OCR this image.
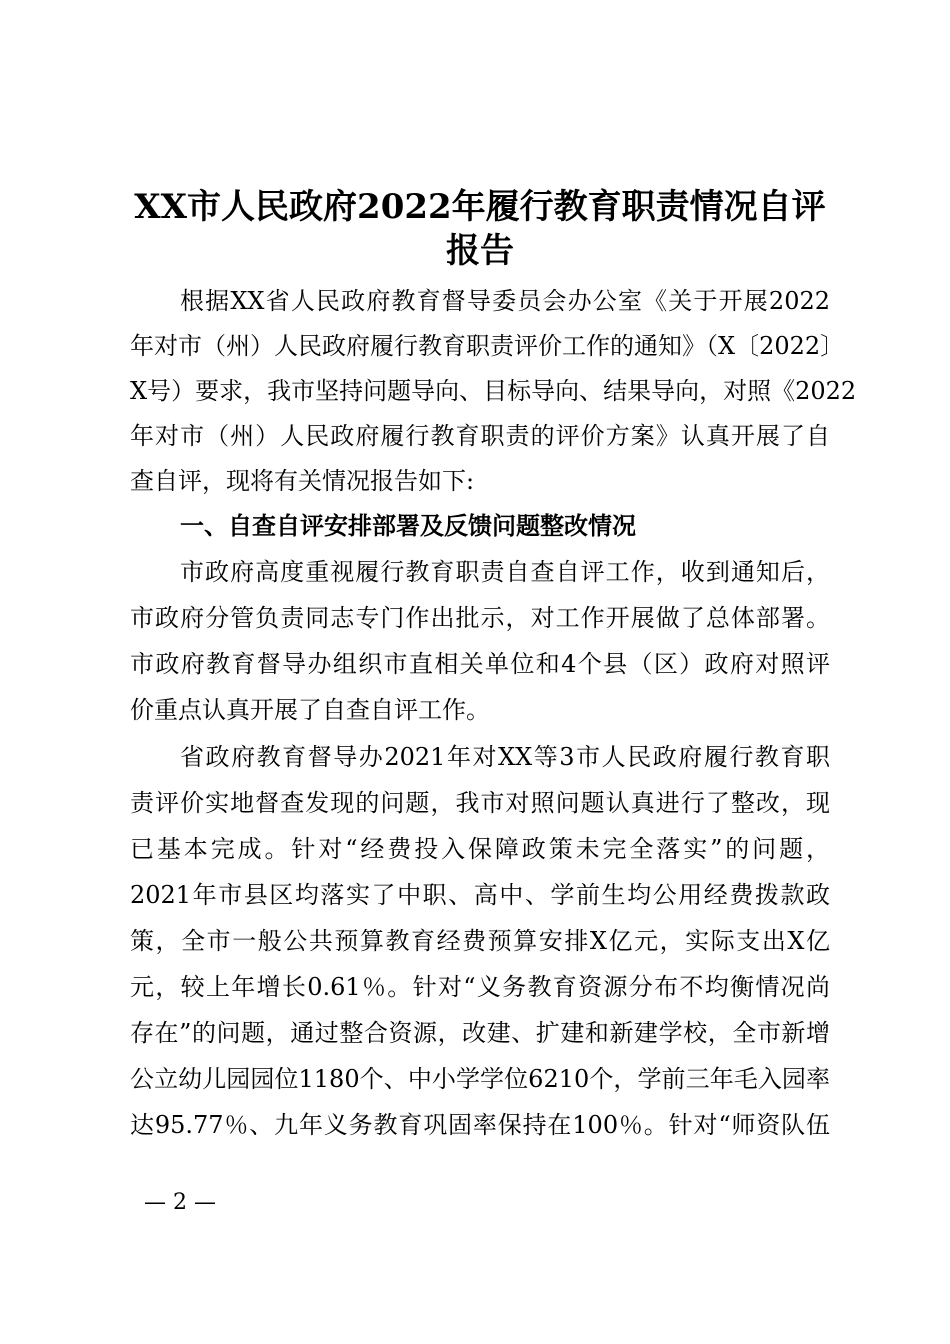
XX市人民政府2022年履行教育职责情况自评
报告
根据XX省人民政府教育督导委员会办公室《关于开展2022
年对市（州）人民政府履行教育职责评价工作的通知》（X〔2022〕
X号）要求，我市坚持问题导向、目标导向、结果导向，对照《2022
年对市（州）人民政府履行教育职责的评价方案》认真开展了自
查自评，现将有关情况报告如下:
一、自查自评安排部署及反馈问题整改情况
市政府高度重视履行教育职责自查自评工作，收到通知后，
市政府分管负责同志专门作出批示，对工作开展做了总体部署。
市政府教育督导办组织市直相关单位和4个县（区）政府对照评
价重点认真开展了自查自评工作。
省政府教育督导办2021年对XX等3市人民政府履行教育职
责评价实地督查发现的问题，我市对照问题认真进行了整改，现
已基本完成。针对“经费投入保障政策未完全落实”的问题，
2021年市县区均落实了中职、高中、学前生均公用经费拨款政
策，全市一般公共预算教育经费预算安排X亿元，实际支出X亿
元，较上年增长0.61％。针对“义务教育资源分布不均衡情况尚
存在”的问题，通过整合资源，改建、扩建和新建学校，全市新增
公立幼儿园园位1180个、中小学学位6210个，学前三年毛入园率
达95.77％、九年义务教育巩固率保持在100％。针对“师资队伍
— 2 —
